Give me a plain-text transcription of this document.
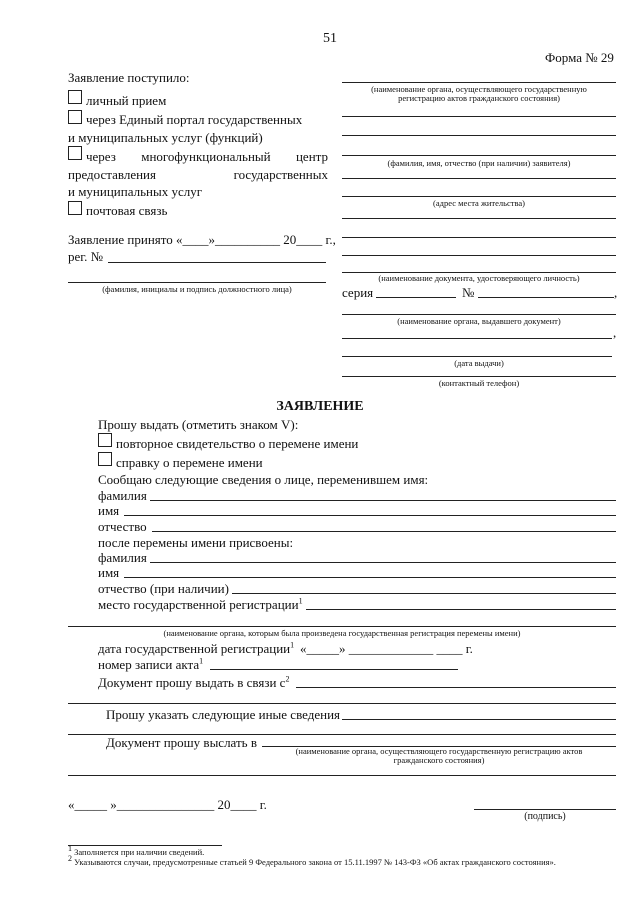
51
Форма № 29
Заявление поступило:
личный прием
через Единый портал государственных
и муниципальных услуг (функций)
через многофункциональный центр
предоставления государственных
и муниципальных услуг
почтовая связь
Заявление принято «____»__________ 20____ г.,
рег. №
(фамилия, инициалы и подпись должностного лица)
(наименование органа, осуществляющего государственную
регистрацию актов гражданского состояния)
(фамилия, имя, отчество (при наличии) заявителя)
(адрес места жительства)
(наименование документа, удостоверяющего личность)
серия	№	,
(наименование органа, выдавшего документ)
,
(дата выдачи)
(контактный телефон)
ЗАЯВЛЕНИЕ
Прошу выдать (отметить знаком V):
повторное свидетельство о перемене имени
справку о перемене имени
Сообщаю следующие сведения о лице, переменившем имя:
фамилия
имя
отчество
после перемены имени присвоены:
фамилия
имя
отчество (при наличии)
место государственной регистрации$^1$
(наименование органа, которым была произведена государственная регистрация перемены имени)
дата государственной регистрации$^1$ «_____» _____________ ____ г.
номер записи акта$^1$
Документ прошу выдать в связи $с^2$
Прошу указать следующие иные сведения
Документ прошу выслать в
(наименование органа, осуществляющего государственную регистрацию актов
гражданского состояния)
«_____ »_______________ 20____ г.
(подпись)
1 Заполняется при наличии сведений.
2 Указываются случаи, предусмотренные статьей 9 Федерального закона от 15.11.1997 № 143-ФЗ «Об актах гражданского состояния».
